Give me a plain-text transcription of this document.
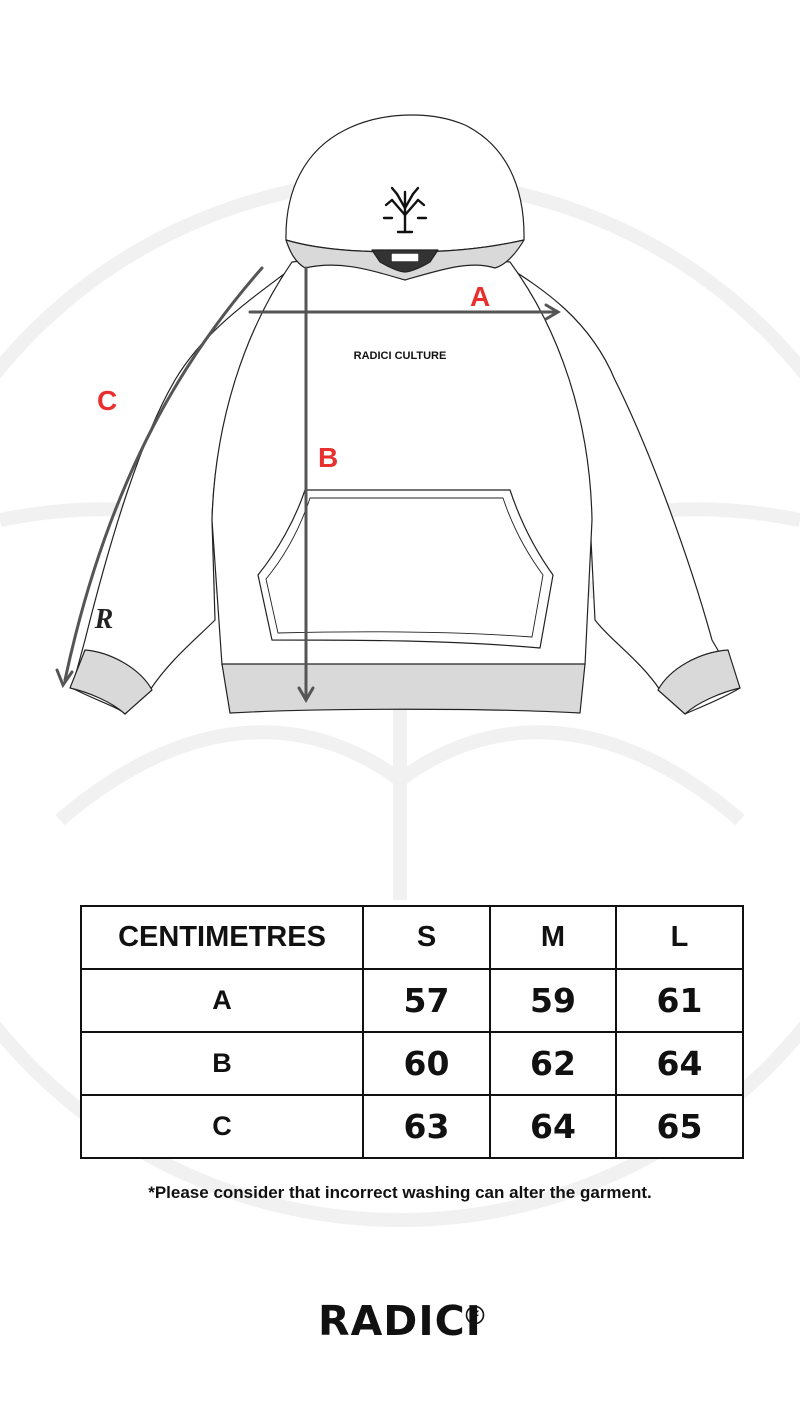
RADICI CULTURE
R
A
B
C
CENTIMETRES	S	M	L
A	57	59	61
B	60	62	64
C	63	64	65
*Please consider that incorrect washing can alter the garment.
RADICI
